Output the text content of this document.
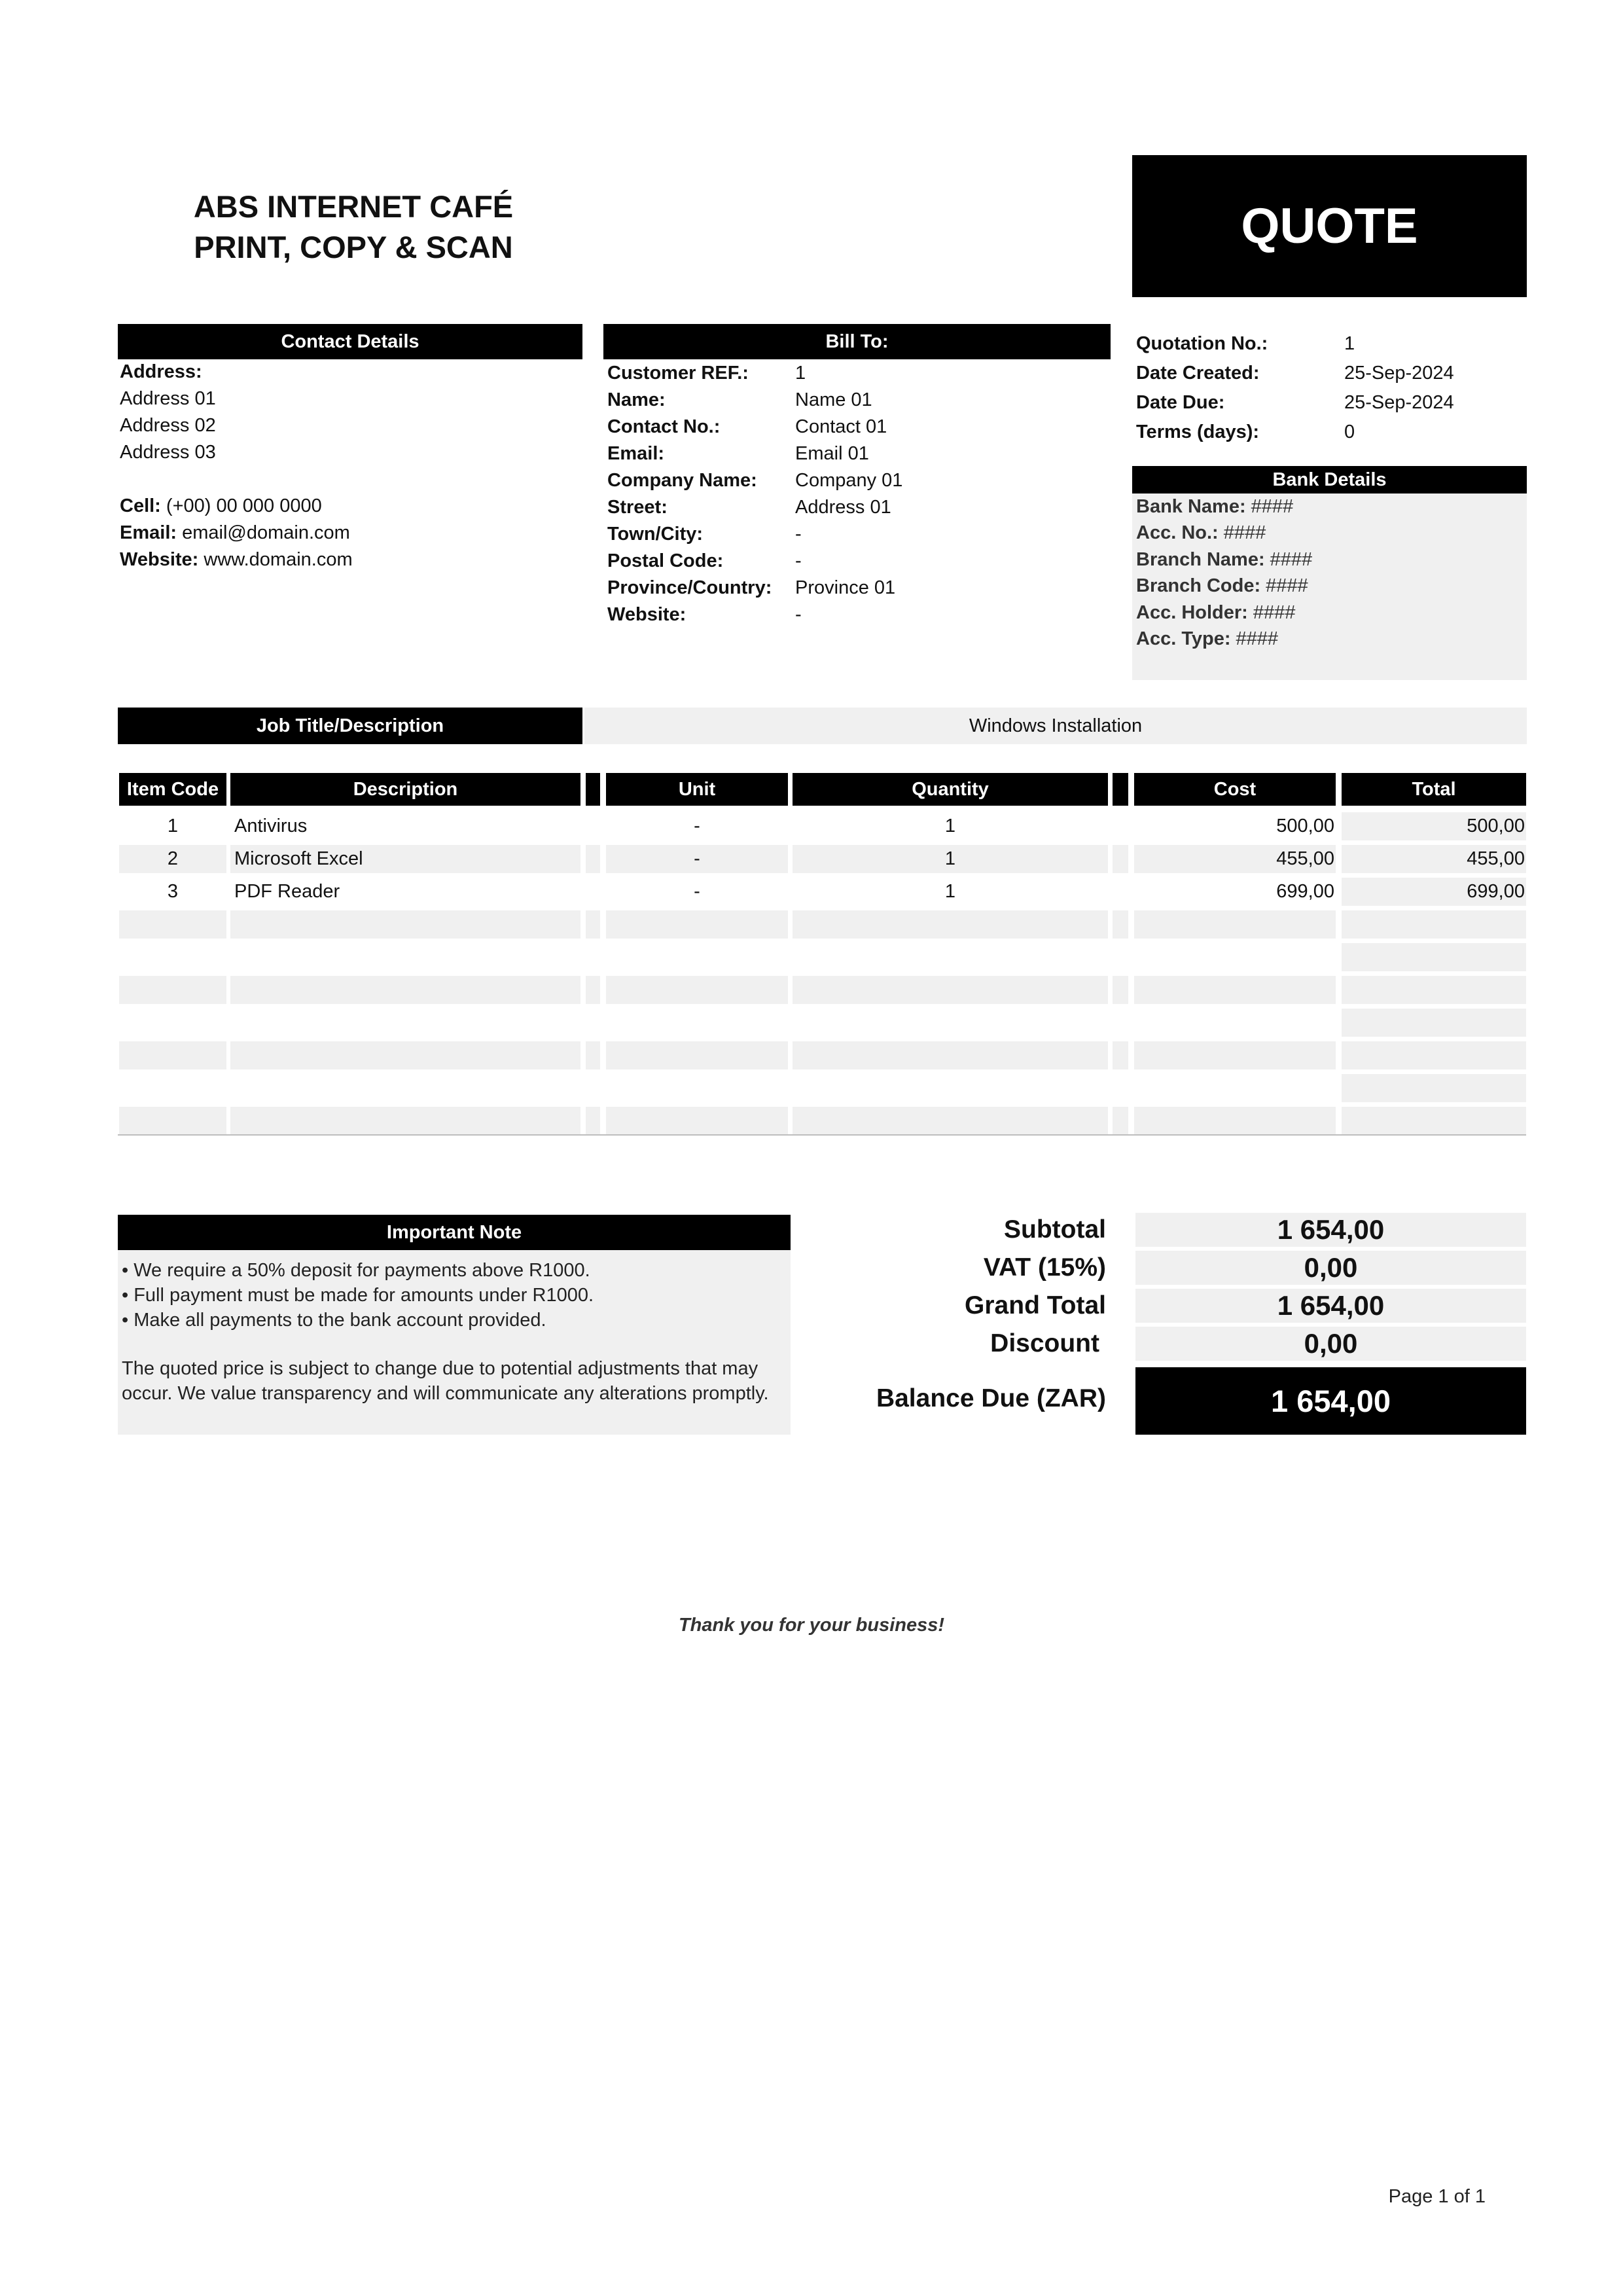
ABS INTERNET CAFÉ
PRINT, COPY & SCAN	QUOTE
Contact Details
Address:
Address 01
Address 02
Address 03
Cell: (+00) 00 000 0000
Email: email@domain.com
Website: www.domain.com
Bill To:
Customer REF.:	1
Name:	Name 01
Contact No.:	Contact 01
Email:	Email 01
Company Name:	Company 01
Street:	Address 01
Town/City:	-
Postal Code:	-
Province/Country:	Province 01
Website:	-
Quotation No.:	1
Date Created:	25-Sep-2024
Date Due:	25-Sep-2024
Terms (days):	0
Bank Details
Bank Name: ####
Acc. No.: ####
Branch Name: ####
Branch Code: ####
Acc. Holder: ####
Acc. Type: ####
Job Title/Description	Windows Installation
Item Code	Description	Unit	Quantity	Cost	Total
1	Antivirus	-	1	500,00	500,00
2	Microsoft Excel	-	1	455,00	455,00
3	PDF Reader	-	1	699,00	699,00
Important Note
• We require a 50% deposit for payments above R1000.
• Full payment must be made for amounts under R1000.
• Make all payments to the bank account provided.
The quoted price is subject to change due to potential adjustments that may occur. We value transparency and will communicate any alterations promptly.
Subtotal	1 654,00
VAT (15%)	0,00
Grand Total	1 654,00
Discount	0,00
Balance Due (ZAR)	1 654,00
Thank you for your business!
Page 1 of 1
